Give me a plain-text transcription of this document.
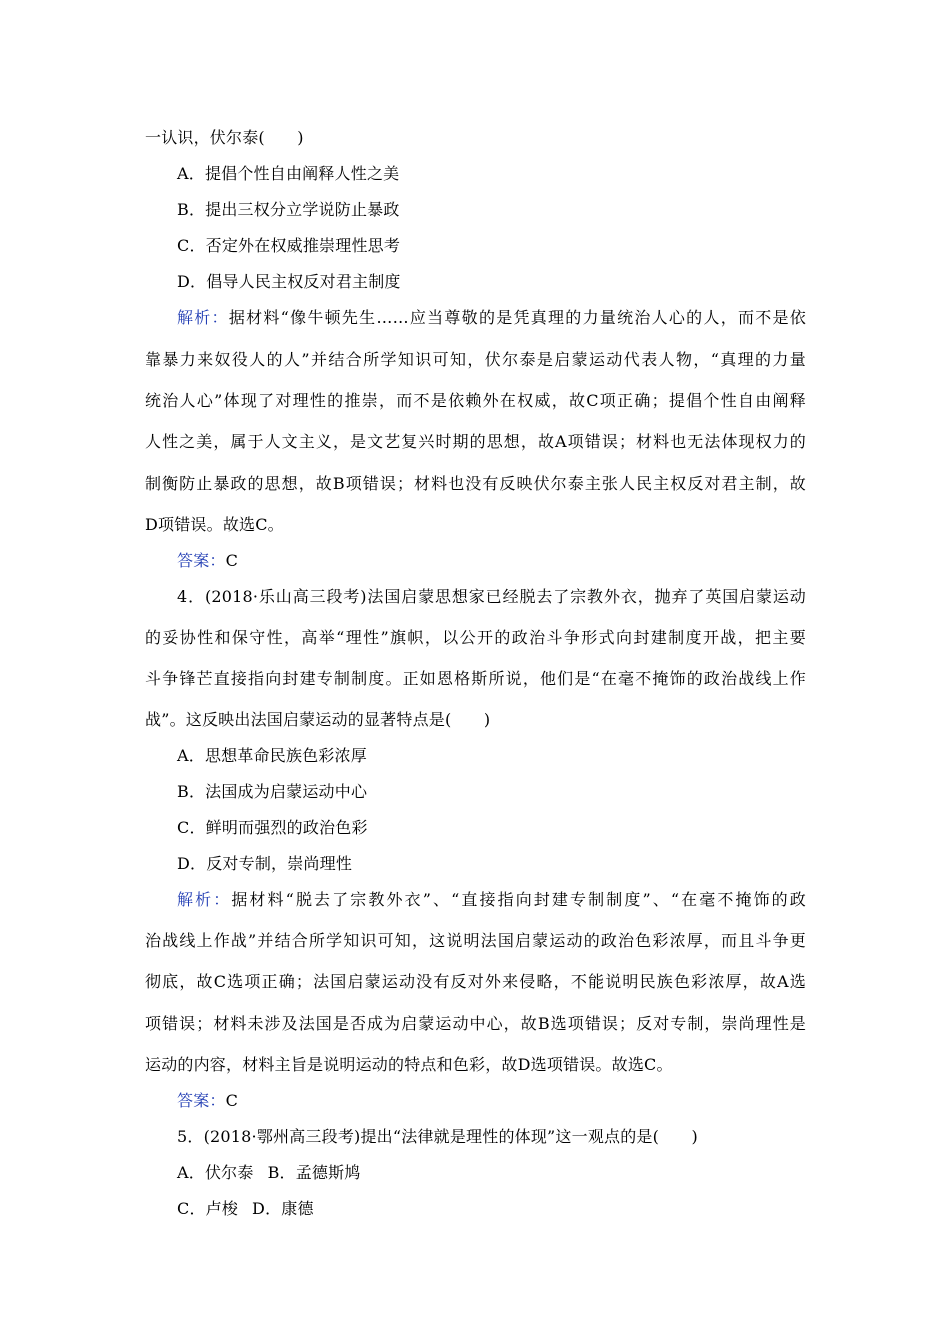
一认识，伏尔泰(　　)
A．提倡个性自由阐释人性之美
B．提出三权分立学说防止暴政
C．否定外在权威推崇理性思考
D．倡导人民主权反对君主制度
解析：据材料“像牛顿先生……应当尊敬的是凭真理的力量统治人心的人，而不是依
靠暴力来奴役人的人”并结合所学知识可知，伏尔泰是启蒙运动代表人物，“真理的力量
统治人心”体现了对理性的推崇，而不是依赖外在权威，故C项正确；提倡个性自由阐释
人性之美，属于人文主义，是文艺复兴时期的思想，故A项错误；材料也无法体现权力的
制衡防止暴政的思想，故B项错误；材料也没有反映伏尔泰主张人民主权反对君主制，故
D项错误。故选C。
答案：C
4．(2018·乐山高三段考)法国启蒙思想家已经脱去了宗教外衣，抛弃了英国启蒙运动
的妥协性和保守性，高举“理性”旗帜，以公开的政治斗争形式向封建制度开战，把主要
斗争锋芒直接指向封建专制制度。正如恩格斯所说，他们是“在毫不掩饰的政治战线上作
战”。这反映出法国启蒙运动的显著特点是(　　)
A．思想革命民族色彩浓厚
B．法国成为启蒙运动中心
C．鲜明而强烈的政治色彩
D．反对专制，崇尚理性
解析：据材料“脱去了宗教外衣”、“直接指向封建专制制度”、“在毫不掩饰的政
治战线上作战”并结合所学知识可知，这说明法国启蒙运动的政治色彩浓厚，而且斗争更
彻底，故C选项正确；法国启蒙运动没有反对外来侵略，不能说明民族色彩浓厚，故A选
项错误；材料未涉及法国是否成为启蒙运动中心，故B选项错误；反对专制，崇尚理性是
运动的内容，材料主旨是说明运动的特点和色彩，故D选项错误。故选C。
答案：C
5．(2018·鄂州高三段考)提出“法律就是理性的体现”这一观点的是(　　)
A．伏尔泰 B．孟德斯鸠
C．卢梭 D．康德
